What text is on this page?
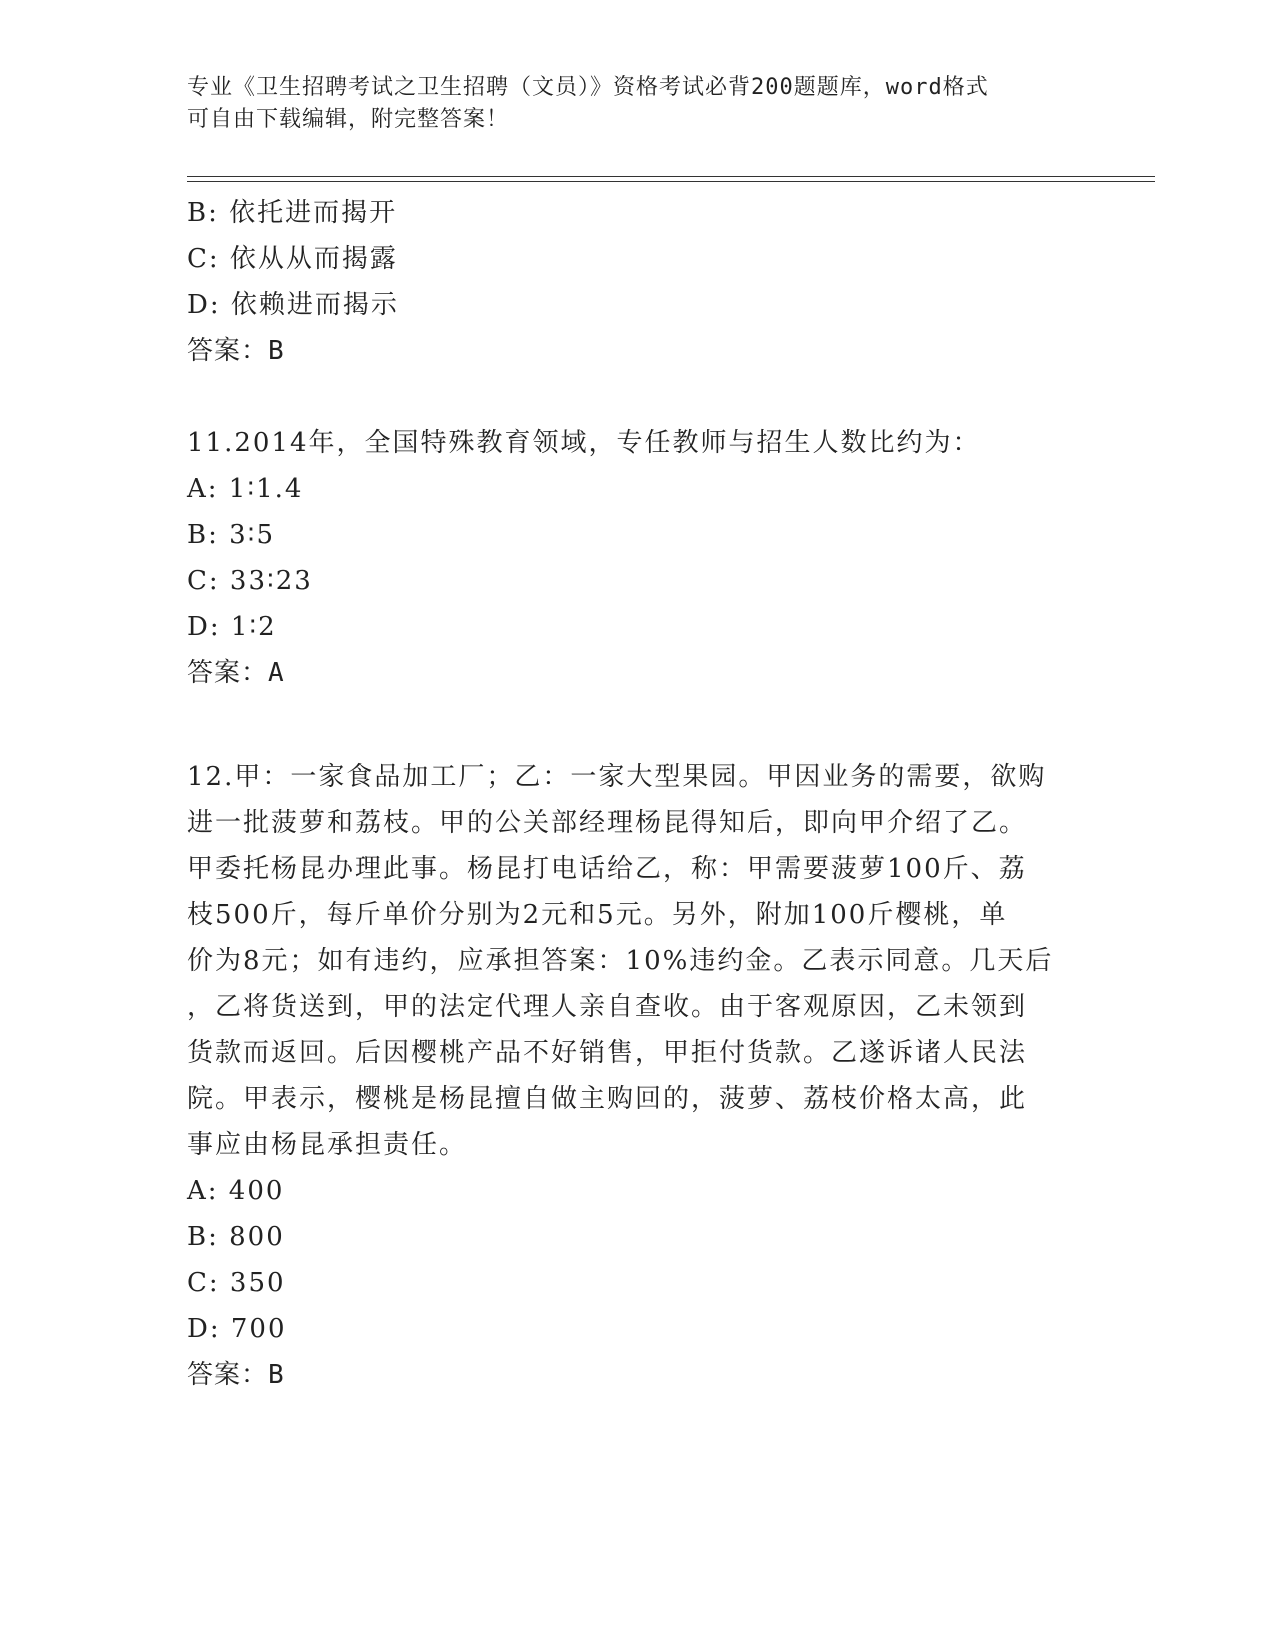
专业《卫生招聘考试之卫生招聘（文员）》资格考试必背200题题库，word格式
可自由下载编辑，附完整答案！
B: 依托进而揭开
C: 依从从而揭露
D: 依赖进而揭示
答案：B
11.2014年，全国特殊教育领域，专任教师与招生人数比约为：
A: 1∶1.4
B: 3∶5
C: 33∶23
D: 1∶2
答案：A
12.甲：一家食品加工厂；乙：一家大型果园。甲因业务的需要，欲购
进一批菠萝和荔枝。甲的公关部经理杨昆得知后，即向甲介绍了乙。
甲委托杨昆办理此事。杨昆打电话给乙，称：甲需要菠萝100斤、荔
枝500斤，每斤单价分别为2元和5元。另外，附加100斤樱桃，单
价为8元；如有违约，应承担答案：10%违约金。乙表示同意。几天后
，乙将货送到，甲的法定代理人亲自查收。由于客观原因，乙未领到
货款而返回。后因樱桃产品不好销售，甲拒付货款。乙遂诉诸人民法
院。甲表示，樱桃是杨昆擅自做主购回的，菠萝、荔枝价格太高，此
事应由杨昆承担责任。
A: 400
B: 800
C: 350
D: 700
答案：B
